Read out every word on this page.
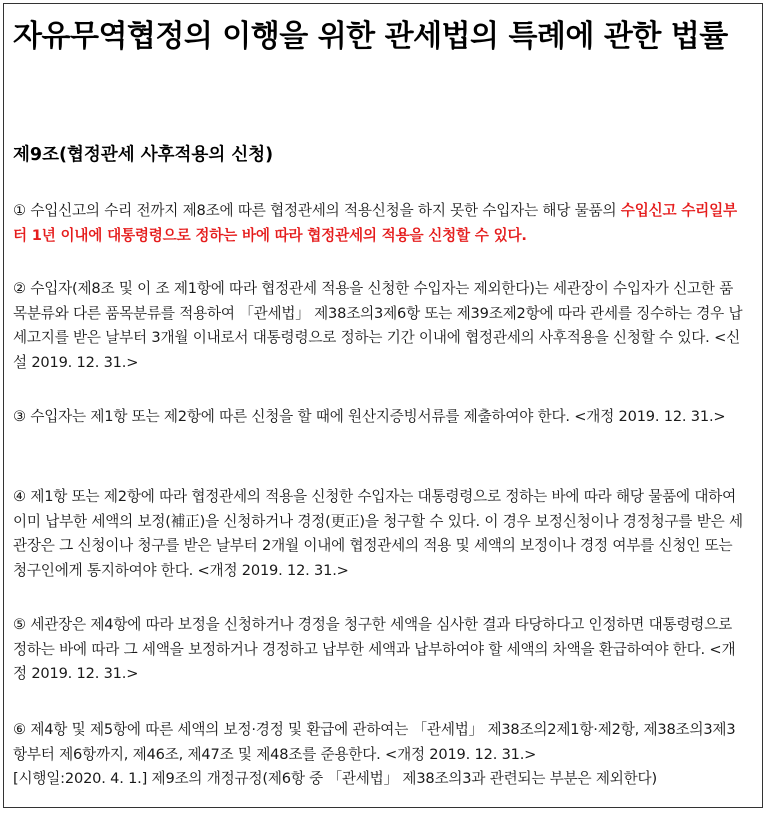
자유무역협정의 이행을 위한 관세법의 특례에 관한 법률
제9조(협정관세 사후적용의 신청)

① 수입신고의 수리 전까지 제8조에 따른 협정관세의 적용신청을 하지 못한 수입자는 해당 물품의 수입신고 수리일부터 1년 이내에 대통령령으로 정하는 바에 따라 협정관세의 적용을 신청할 수 있다.

② 수입자(제8조 및 이 조 제1항에 따라 협정관세 적용을 신청한 수입자는 제외한다)는 세관장이 수입자가 신고한 품목분류와 다른 품목분류를 적용하여 「관세법」 제38조의3제6항 또는 제39조제2항에 따라 관세를 징수하는 경우 납세고지를 받은 날부터 3개월 이내로서 대통령령으로 정하는 기간 이내에 협정관세의 사후적용을 신청할 수 있다. <신설 2019. 12. 31.>

③ 수입자는 제1항 또는 제2항에 따른 신청을 할 때에 원산지증빙서류를 제출하여야 한다. <개정 2019. 12. 31.>

④ 제1항 또는 제2항에 따라 협정관세의 적용을 신청한 수입자는 대통령령으로 정하는 바에 따라 해당 물품에 대하여 이미 납부한 세액의 보정(補正)을 신청하거나 경정(更正)을 청구할 수 있다. 이 경우 보정신청이나 경정청구를 받은 세관장은 그 신청이나 청구를 받은 날부터 2개월 이내에 협정관세의 적용 및 세액의 보정이나 경정 여부를 신청인 또는 청구인에게 통지하여야 한다. <개정 2019. 12. 31.>

⑤ 세관장은 제4항에 따라 보정을 신청하거나 경정을 청구한 세액을 심사한 결과 타당하다고 인정하면 대통령령으로 정하는 바에 따라 그 세액을 보정하거나 경정하고 납부한 세액과 납부하여야 할 세액의 차액을 환급하여야 한다. <개정 2019. 12. 31.>

⑥ 제4항 및 제5항에 따른 세액의 보정·경정 및 환급에 관하여는 「관세법」 제38조의2제1항·제2항, 제38조의3제3항부터 제6항까지, 제46조, 제47조 및 제48조를 준용한다. <개정 2019. 12. 31.>
[시행일:2020. 4. 1.] 제9조의 개정규정(제6항 중 「관세법」 제38조의3과 관련되는 부분은 제외한다)
